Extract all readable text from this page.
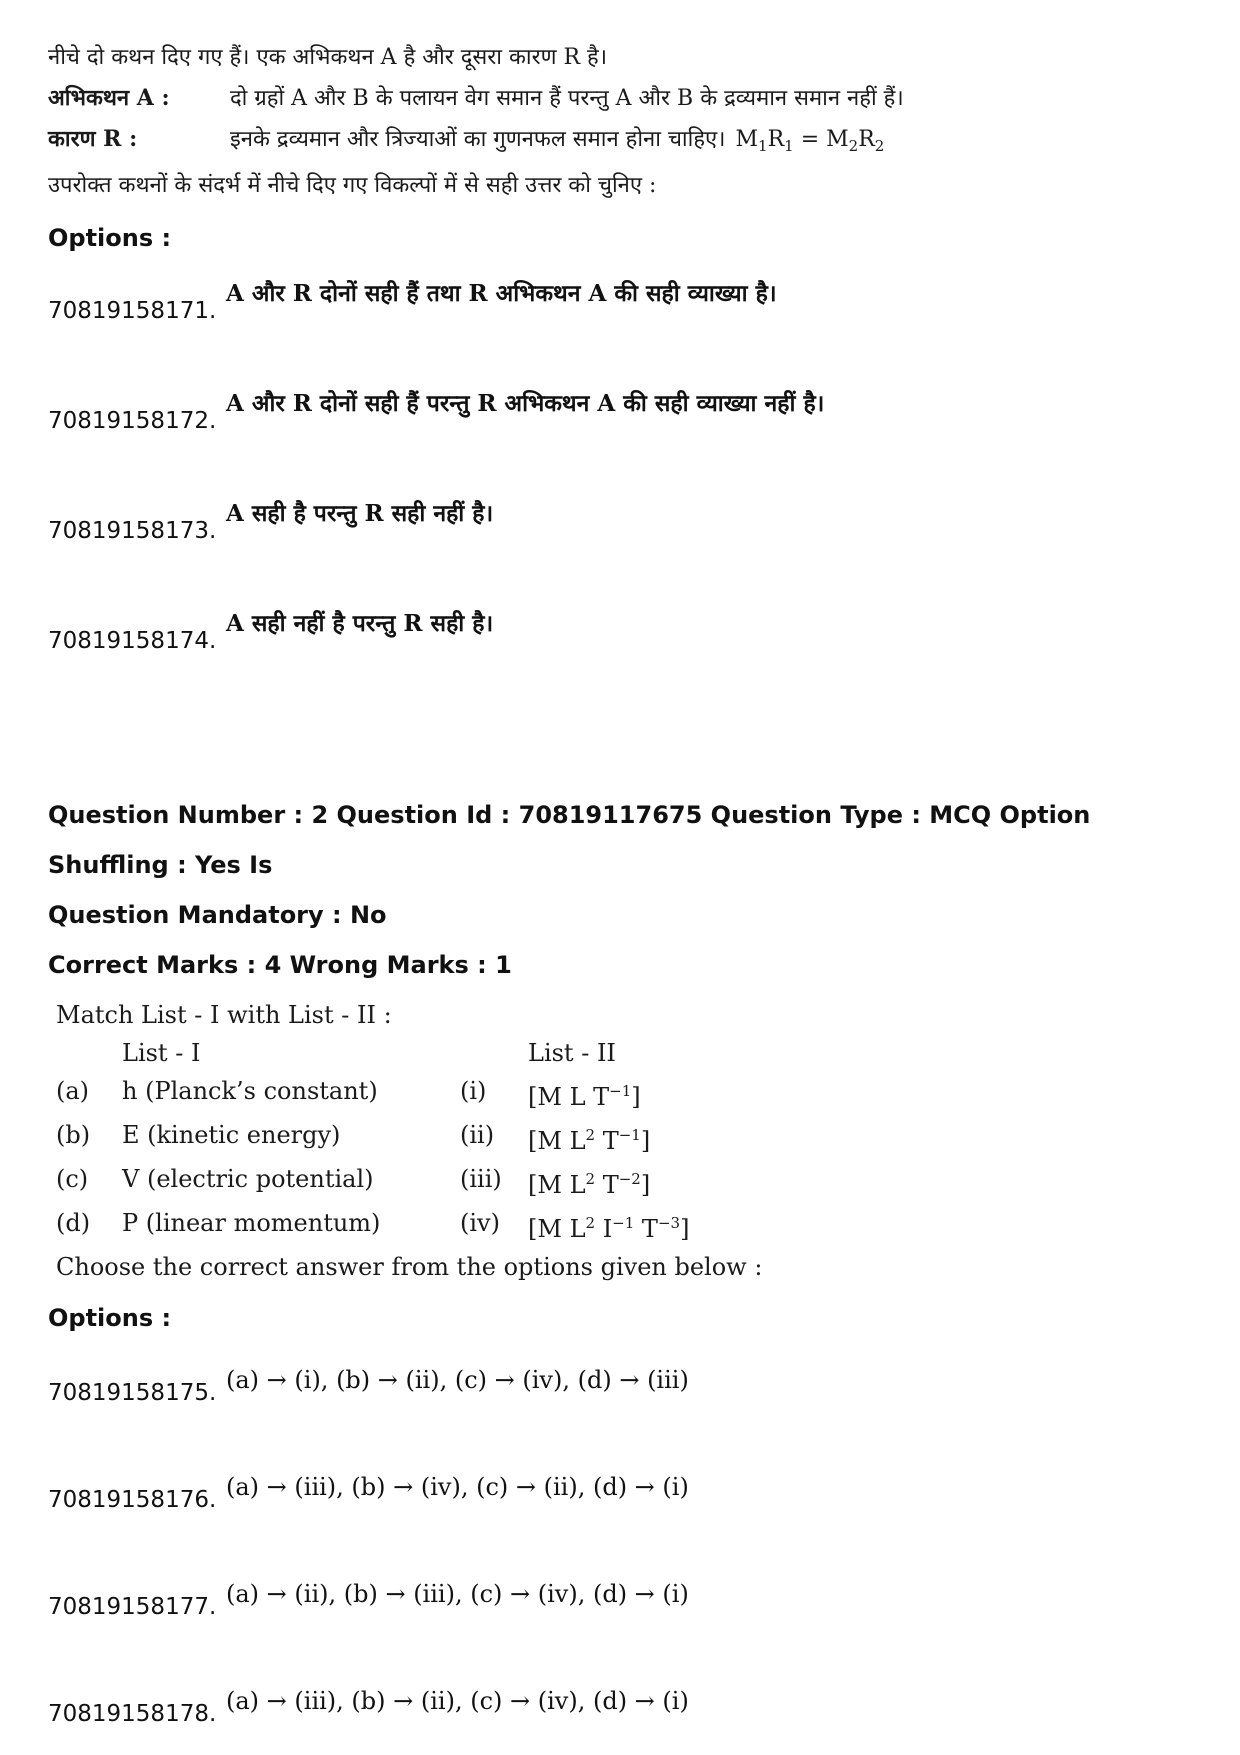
नीचे दो कथन दिए गए हैं। एक अभिकथन A है और दूसरा कारण R है।
अभिकथन A :	दो ग्रहों A और B के पलायन वेग समान हैं परन्तु A और B के द्रव्यमान समान नहीं हैं।
कारण R :	इनके द्रव्यमान और त्रिज्याओं का गुणनफल समान होना चाहिए। $M_1R_1 = M_2R_2$
उपरोक्त कथनों के संदर्भ में नीचे दिए गए विकल्पों में से सही उत्तर को चुनिए :
Options :
70819158171.
A और R दोनों सही हैं तथा R अभिकथन A की सही व्याख्या है।
70819158172.
A और R दोनों सही हैं परन्तु R अभिकथन A की सही व्याख्या नहीं है।
70819158173.
A सही है परन्तु R सही नहीं है।
70819158174.
A सही नहीं है परन्तु R सही है।
Question Number : 2 Question Id : 70819117675 Question Type : MCQ Option Shuffling : Yes Is
Question Mandatory : No
Correct Marks : 4 Wrong Marks : 1
Match List - I with List - II :
List - I	List - II
(a)	h (Planck’s constant)	(i)	[M L $T^{-1}$]
(b)	E (kinetic energy)	(ii)	[M $L^2$ $T^{-1}$]
(c)	V (electric potential)	(iii)	[M $L^2$ $T^{-2}$]
(d)	P (linear momentum)	(iv)	[M $L^2$ $I^{-1}$ $T^{-3}$]
Choose the correct answer from the options given below :
Options :
70819158175. (a) → (i), (b) → (ii), (c) → (iv), (d) → (iii)
70819158176. (a) → (iii), (b) → (iv), (c) → (ii), (d) → (i)
70819158177. (a) → (ii), (b) → (iii), (c) → (iv), (d) → (i)
70819158178. (a) → (iii), (b) → (ii), (c) → (iv), (d) → (i)
